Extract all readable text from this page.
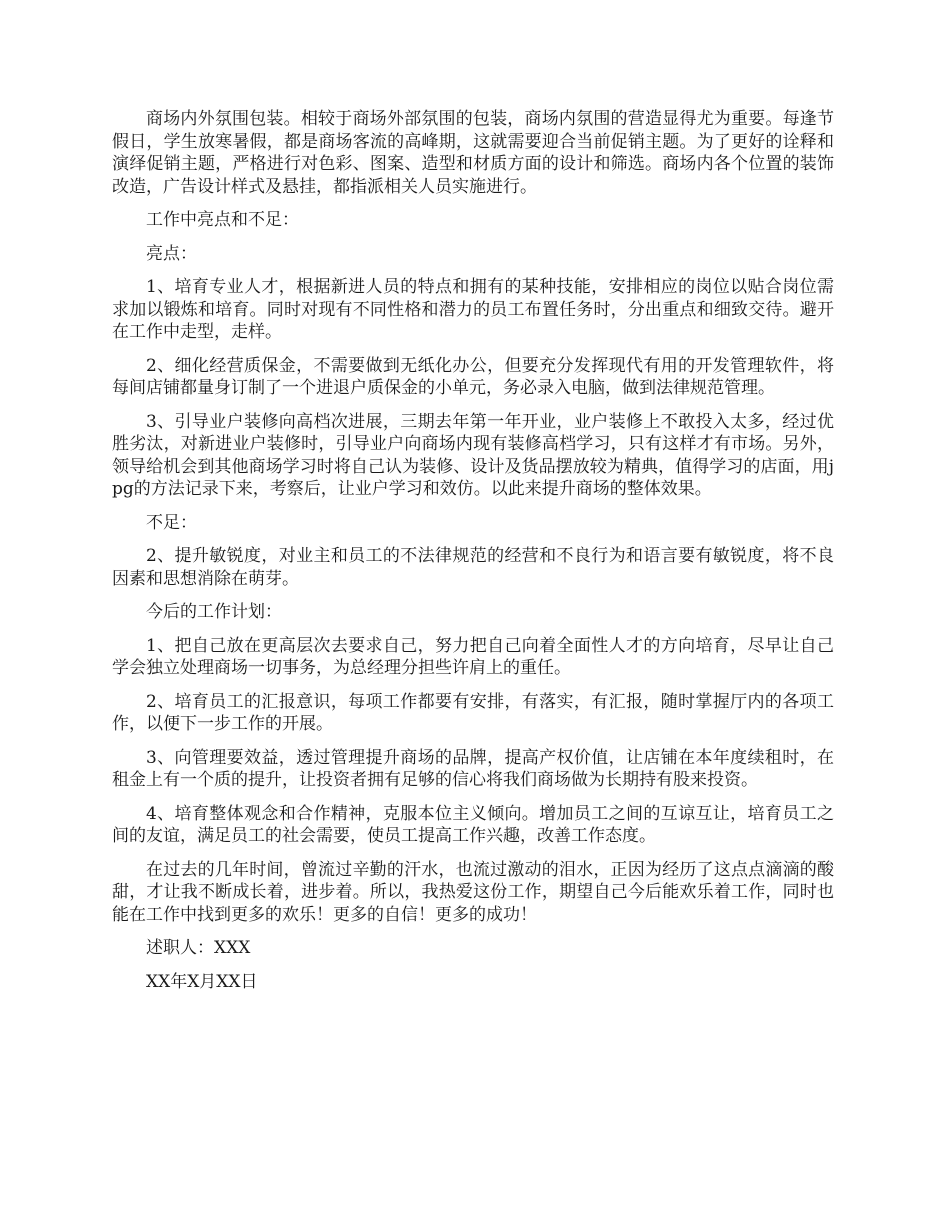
商场内外氛围包装。相较于商场外部氛围的包装，商场内氛围的营造显得尤为重要。每逢节假日，学生放寒暑假，都是商场客流的高峰期，这就需要迎合当前促销主题。为了更好的诠释和演绎促销主题，严格进行对色彩、图案、造型和材质方面的设计和筛选。商场内各个位置的装饰改造，广告设计样式及悬挂，都指派相关人员实施进行。

工作中亮点和不足：

亮点：

1、培育专业人才，根据新进人员的特点和拥有的某种技能，安排相应的岗位以贴合岗位需求加以锻炼和培育。同时对现有不同性格和潜力的员工布置任务时，分出重点和细致交待。避开在工作中走型，走样。

2、细化经营质保金，不需要做到无纸化办公，但要充分发挥现代有用的开发管理软件，将每间店铺都量身订制了一个进退户质保金的小单元，务必录入电脑，做到法律规范管理。

3、引导业户装修向高档次进展，三期去年第一年开业，业户装修上不敢投入太多，经过优胜劣汰，对新进业户装修时，引导业户向商场内现有装修高档学习，只有这样才有市场。另外，领导给机会到其他商场学习时将自己认为装修、设计及货品摆放较为精典，值得学习的店面，用jpg的方法记录下来，考察后，让业户学习和效仿。以此来提升商场的整体效果。

不足：

2、提升敏锐度，对业主和员工的不法律规范的经营和不良行为和语言要有敏锐度，将不良因素和思想消除在萌芽。

今后的工作计划：

1、把自己放在更高层次去要求自己，努力把自己向着全面性人才的方向培育，尽早让自己学会独立处理商场一切事务，为总经理分担些许肩上的重任。

2、培育员工的汇报意识，每项工作都要有安排，有落实，有汇报，随时掌握厅内的各项工作，以便下一步工作的开展。

3、向管理要效益，透过管理提升商场的品牌，提高产权价值，让店铺在本年度续租时，在租金上有一个质的提升，让投资者拥有足够的信心将我们商场做为长期持有股来投资。

4、培育整体观念和合作精神，克服本位主义倾向。增加员工之间的互谅互让，培育员工之间的友谊，满足员工的社会需要，使员工提高工作兴趣，改善工作态度。

在过去的几年时间，曾流过辛勤的汗水，也流过激动的泪水，正因为经历了这点点滴滴的酸甜，才让我不断成长着，进步着。所以，我热爱这份工作，期望自己今后能欢乐着工作，同时也能在工作中找到更多的欢乐！更多的自信！更多的成功！

述职人：XXX

XX年X月XX日
